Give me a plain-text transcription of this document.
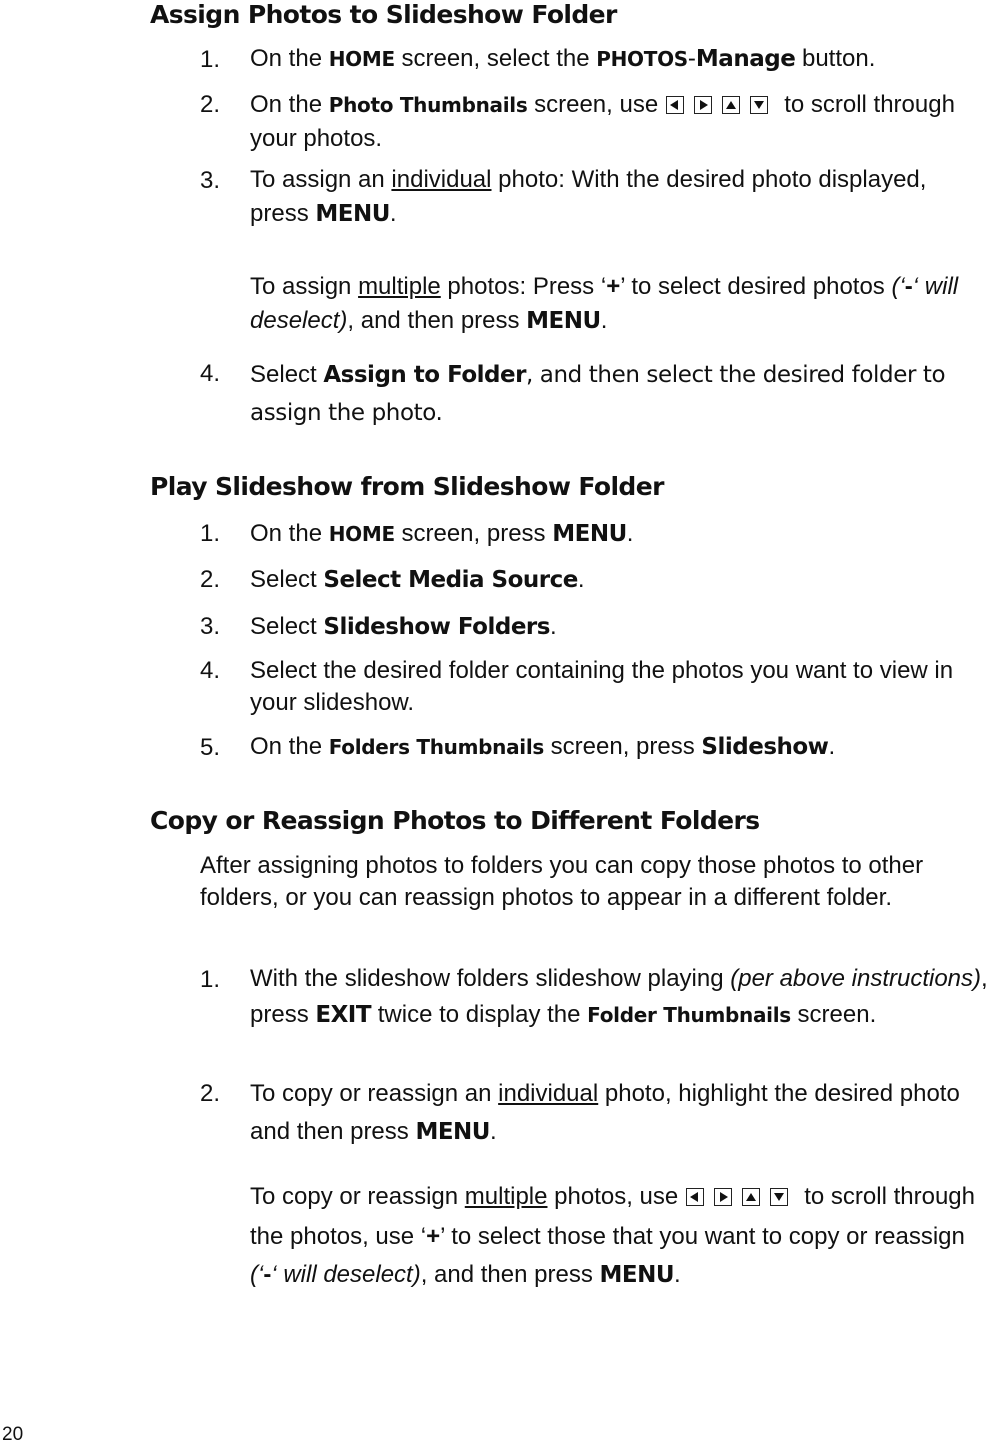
Assign Photos to Slideshow Folder
1. On the HOME screen, select the PHOTOS-Manage button.
2. On the Photo Thumbnails screen, use	to scroll through your photos.
3. To assign an individual photo: With the desired photo displayed, press MENU.
To assign multiple photos: Press ‘+’ to select desired photos (‘-‘ will deselect), and then press MENU.
4. Select Assign to Folder, and then select the desired folder to assign the photo.
Play Slideshow from Slideshow Folder
1. On the HOME screen, press MENU.
2. Select Select Media Source.
3. Select Slideshow Folders.
4. Select the desired folder containing the photos you want to view in your slideshow.
5. On the Folders Thumbnails screen, press Slideshow.
Copy or Reassign Photos to Different Folders
After assigning photos to folders you can copy those photos to other folders, or you can reassign photos to appear in a different folder.
1. With the slideshow folders slideshow playing (per above instructions), press EXIT twice to display the Folder Thumbnails screen.
2. To copy or reassign an individual photo, highlight the desired photo and then press MENU.
To copy or reassign multiple photos, use	to scroll through the photos, use ‘+’ to select those that you want to copy or reassign (‘-‘ will deselect), and then press MENU.
20
